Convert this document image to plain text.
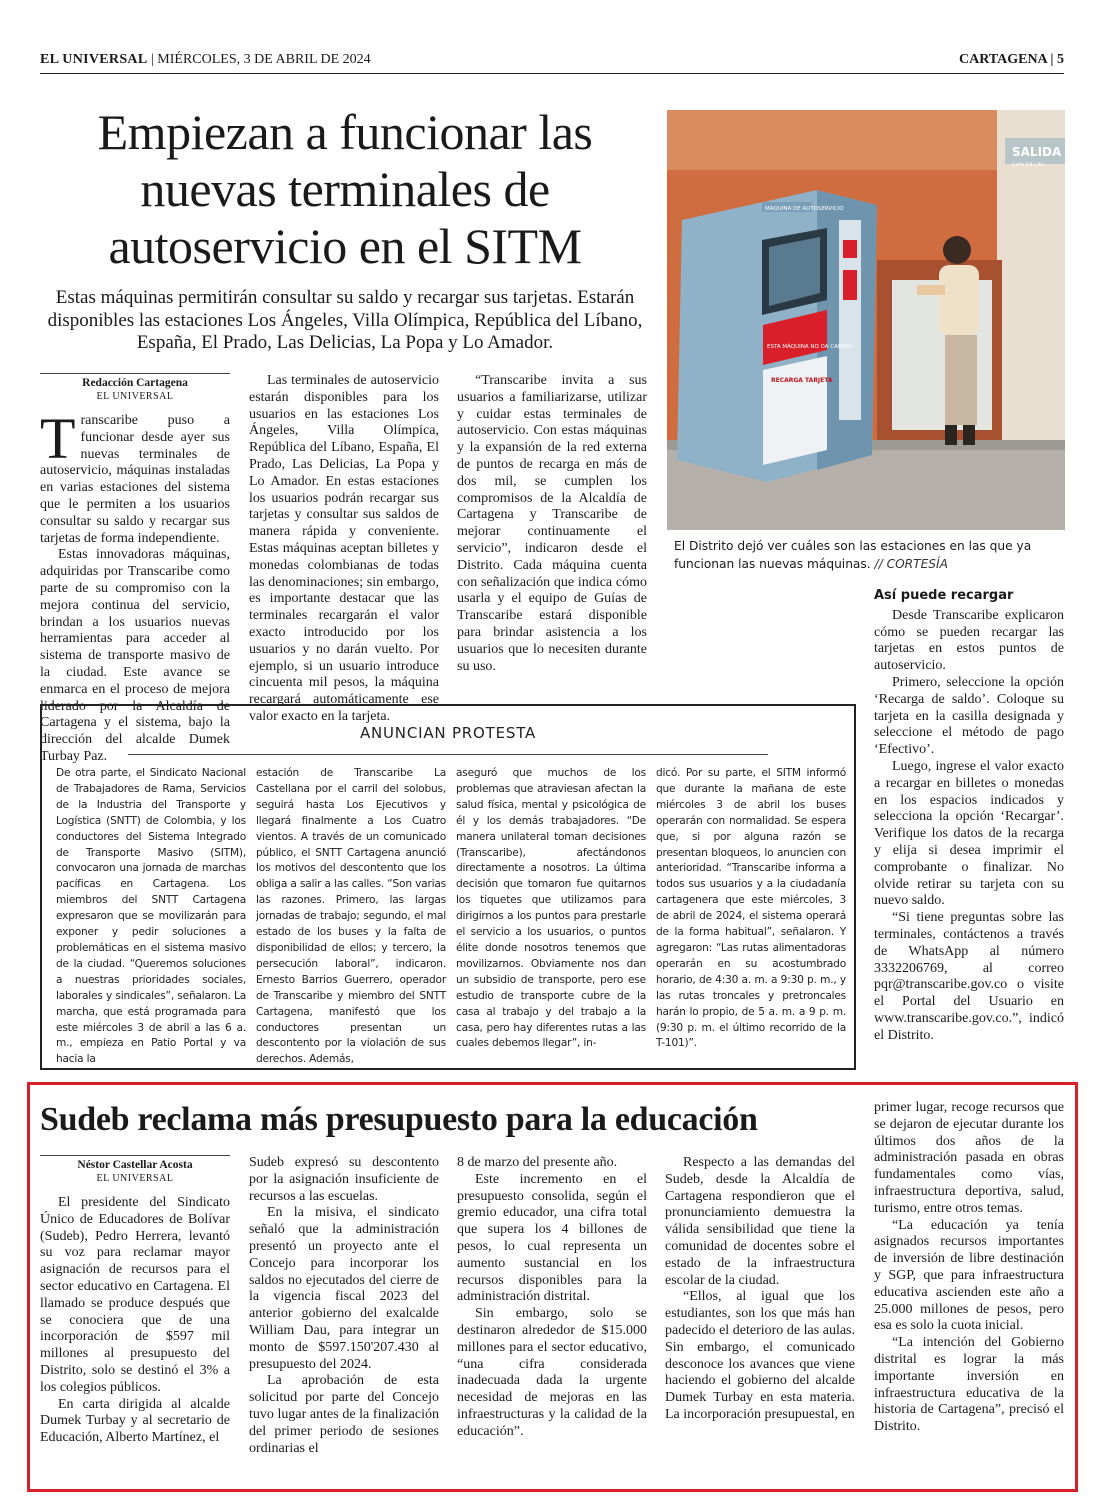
EL UNIVERSAL | MIÉRCOLES, 3 DE ABRIL DE 2024	CARTAGENA | 5
Empiezan a funcionar las nuevas terminales de autoservicio en el SITM

Estas máquinas permitirán consultar su saldo y recargar sus tarjetas. Estarán disponibles las estaciones Los Ángeles, Villa Olímpica, República del Líbano, España, El Prado, Las Delicias, La Popa y Lo Amador.

SALIDA
Calle 54 / Av.
MÁQUINA DE AUTOSERVICIO
ESTA MÁQUINA NO DA CAMBIO
RECARGA TARJETA
El Distrito dejó ver cuáles son las estaciones en las que ya funcionan las nuevas máquinas. // CORTESÍA
Redacción Cartagena
EL UNIVERSAL

Transcaribe puso a funcionar desde ayer sus nuevas terminales de autoservicio, máquinas instaladas en varias estaciones del sistema que le permiten a los usuarios consultar su saldo y recargar sus tarjetas de forma independiente.

Estas innovadoras máquinas, adquiridas por Transcaribe como parte de su compromiso con la mejora continua del servicio, brindan a los usuarios nuevas herramientas para acceder al sistema de transporte masivo de la ciudad. Este avance se enmarca en el proceso de mejora liderado por la Alcaldía de Cartagena y el sistema, bajo la dirección del alcalde Dumek Turbay Paz.

Las terminales de autoservicio estarán disponibles para los usuarios en las estaciones Los Ángeles, Villa Olímpica, República del Líbano, España, El Prado, Las Delicias, La Popa y Lo Amador. En estas estaciones los usuarios podrán recargar sus tarjetas y consultar sus saldos de manera rápida y conveniente. Estas máquinas aceptan billetes y monedas colombianas de todas las denominaciones; sin embargo, es importante destacar que las terminales recargarán el valor exacto introducido por los usuarios y no darán vuelto. Por ejemplo, si un usuario introduce cincuenta mil pesos, la máquina recargará automáticamente ese valor exacto en la tarjeta.

“Transcaribe invita a sus usuarios a familiarizarse, utilizar y cuidar estas terminales de autoservicio. Con estas máquinas y la expansión de la red externa de puntos de recarga en más de dos mil, se cumplen los compromisos de la Alcaldía de Cartagena y Transcaribe de mejorar continuamente el servicio”, indicaron desde el Distrito. Cada máquina cuenta con señalización que indica cómo usarla y el equipo de Guías de Transcaribe estará disponible para brindar asistencia a los usuarios que lo necesiten durante su uso.

Así puede recargar

Desde Transcaribe explicaron cómo se pueden recargar las tarjetas en estos puntos de autoservicio.

Primero, seleccione la opción ‘Recarga de saldo’. Coloque su tarjeta en la casilla designada y seleccione el método de pago ‘Efectivo’.

Luego, ingrese el valor exacto a recargar en billetes o monedas en los espacios indicados y selecciona la opción ‘Recargar’. Verifique los datos de la recarga y elija si desea imprimir el comprobante o finalizar. No olvide retirar su tarjeta con su nuevo saldo.

“Si tiene preguntas sobre las terminales, contáctenos a través de WhatsApp al número 3332206769, al correo pqr@transcaribe.gov.co o visite el Portal del Usuario en www.transcaribe.gov.co.”, indicó el Distrito.

ANUNCIAN PROTESTA
De otra parte, el Sindicato Nacional de Trabajadores de Rama, Servicios de la Industria del Transporte y Logística (SNTT) de Colombia, y los conductores del Sistema Integrado de Transporte Masivo (SITM), convocaron una jornada de marchas pacíficas en Cartagena. Los miembros del SNTT Cartagena expresaron que se movilizarán para exponer y pedir soluciones a problemáticas en el sistema masivo de la ciudad. “Queremos soluciones a nuestras prioridades sociales, laborales y sindicales”, señalaron. La marcha, que está programada para este miércoles 3 de abril a las 6 a. m., empieza en Patio Portal y va hacia la
estación de Transcaribe La Castellana por el carril del solobus, seguirá hasta Los Ejecutivos y llegará finalmente a Los Cuatro vientos. A través de un comunicado público, el SNTT Cartagena anunció los motivos del descontento que los obliga a salir a las calles. “Son varias las razones. Primero, las largas jornadas de trabajo; segundo, el mal estado de los buses y la falta de disponibilidad de ellos; y tercero, la persecución laboral”, indicaron. Ernesto Barrios Guerrero, operador de Transcaribe y miembro del SNTT Cartagena, manifestó que los conductores presentan un descontento por la violación de sus derechos. Además,
aseguró que muchos de los problemas que atraviesan afectan la salud física, mental y psicológica de él y los demás trabajadores. “De manera unilateral toman decisiones (Transcaribe), afectándonos directamente a nosotros. La última decisión que tomaron fue quitarnos los tiquetes que utilizamos para dirigirnos a los puntos para prestarle el servicio a los usuarios, o puntos élite donde nosotros tenemos que movilizarnos. Obviamente nos dan un subsidio de transporte, pero ese estudio de transporte cubre de la casa al trabajo y del trabajo a la casa, pero hay diferentes rutas a las cuales debemos llegar”, in-
dicó. Por su parte, el SITM informó que durante la mañana de este miércoles 3 de abril los buses operarán con normalidad. Se espera que, si por alguna razón se presentan bloqueos, lo anuncien con anterioridad. “Transcaribe informa a todos sus usuarios y a la ciudadanía cartagenera que este miércoles, 3 de abril de 2024, el sistema operará de la forma habitual”, señalaron. Y agregaron: “Las rutas alimentadoras operarán en su acostumbrado horario, de 4:30 a. m. a 9:30 p. m., y las rutas troncales y pretroncales harán lo propio, de 5 a. m. a 9 p. m. (9:30 p. m. el último recorrido de la T-101)”.
Sudeb reclama más presupuesto para la educación
Néstor Castellar Acosta
EL UNIVERSAL

El presidente del Sindicato Único de Educadores de Bolívar (Sudeb), Pedro Herrera, levantó su voz para reclamar mayor asignación de recursos para el sector educativo en Cartagena. El llamado se produce después que se conociera que de una incorporación de $597 mil millones al presupuesto del Distrito, solo se destinó el 3% a los colegios públicos.

En carta dirigida al alcalde Dumek Turbay y al secretario de Educación, Alberto Martínez, el

Sudeb expresó su descontento por la asignación insuficiente de recursos a las escuelas.

En la misiva, el sindicato señaló que la administración presentó un proyecto ante el Concejo para incorporar los saldos no ejecutados del cierre de la vigencia fiscal 2023 del anterior gobierno del exalcalde William Dau, para integrar un monto de $597.150'207.430 al presupuesto del 2024.

La aprobación de esta solicitud por parte del Concejo tuvo lugar antes de la finalización del primer periodo de sesiones ordinarias el

8 de marzo del presente año.

Este incremento en el presupuesto consolida, según el gremio educador, una cifra total que supera los 4 billones de pesos, lo cual representa un aumento sustancial en los recursos disponibles para la administración distrital.

Sin embargo, solo se destinaron alrededor de $15.000 millones para el sector educativo, “una cifra considerada inadecuada dada la urgente necesidad de mejoras en las infraestructuras y la calidad de la educación”.

Respecto a las demandas del Sudeb, desde la Alcaldía de Cartagena respondieron que el pronunciamiento demuestra la válida sensibilidad que tiene la comunidad de docentes sobre el estado de la infraestructura escolar de la ciudad.

“Ellos, al igual que los estudiantes, son los que más han padecido el deterioro de las aulas. Sin embargo, el comunicado desconoce los avances que viene haciendo el gobierno del alcalde Dumek Turbay en esta materia. La incorporación presupuestal, en

primer lugar, recoge recursos que se dejaron de ejecutar durante los últimos dos años de la administración pasada en obras fundamentales como vías, infraestructura deportiva, salud, turismo, entre otros temas.

“La educación ya tenía asignados recursos importantes de inversión de libre destinación y SGP, que para infraestructura educativa ascienden este año a 25.000 millones de pesos, pero esa es solo la cuota inicial.

“La intención del Gobierno distrital es lograr la más importante inversión en infraestructura educativa de la historia de Cartagena”, precisó el Distrito.
